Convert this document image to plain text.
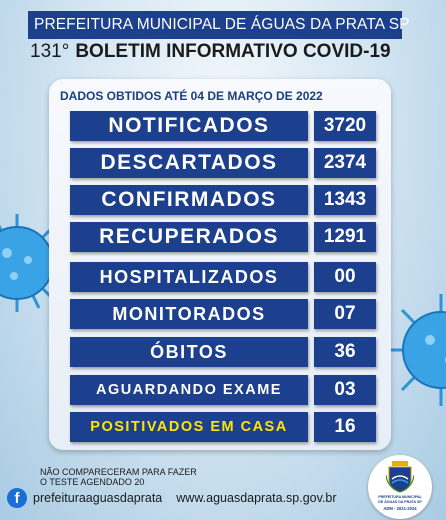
PREFEITURA MUNICIPAL DE ÁGUAS DA PRATA SP
131° BOLETIM INFORMATIVO COVID-19
DADOS OBTIDOS ATÉ 04 DE MARÇO DE 2022
NOTIFICADOS	3720
DESCARTADOS	2374
CONFIRMADOS	1343
RECUPERADOS	1291
HOSPITALIZADOS	00
MONITORADOS	07
ÓBITOS	36
AGUARDANDO EXAME	03
POSITIVADOS EM CASA	16
NÃO COMPARECERAM PARA FAZER
O TESTE AGENDADO 20
f	prefeituraaguasdaprata www.aguasdaprata.sp.gov.br	PREFEITURA MUNICIPAL
DE ÁGUAS DA PRATA SP
ADM - 2021-2024
